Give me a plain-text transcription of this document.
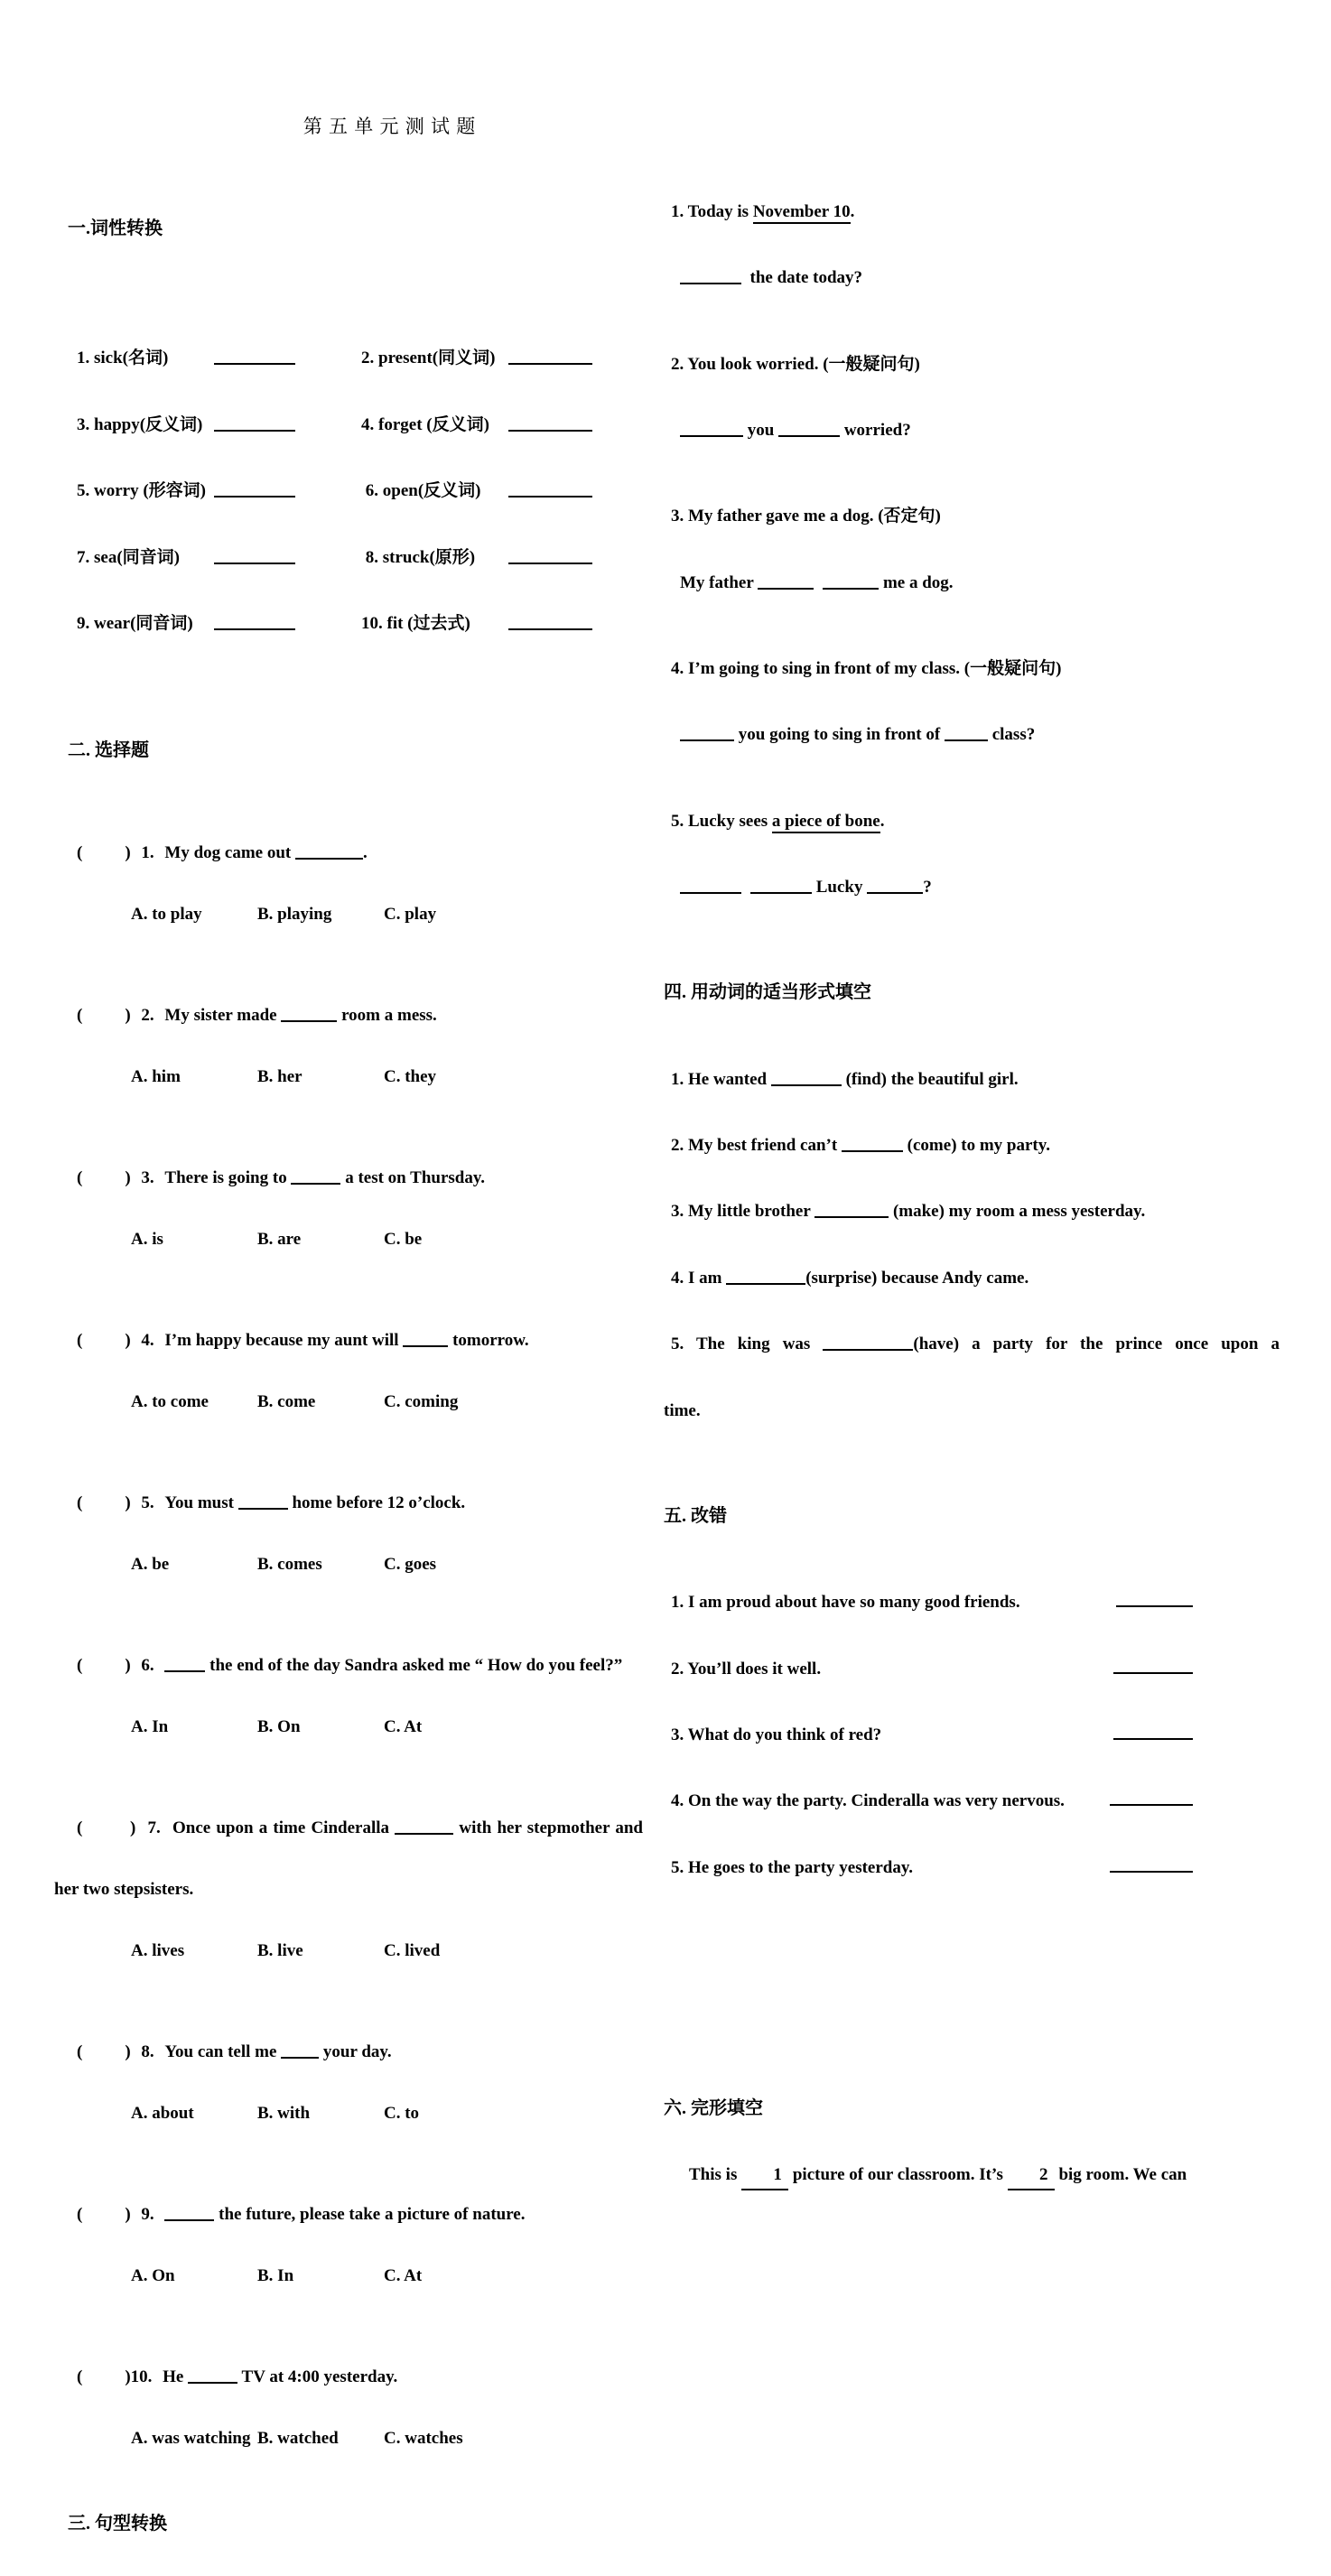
第 五 单 元 测 试 题

一.词性转换

1. sick(名词)	2. present(同义词)

3. happy(反义词)	4. forget (反义词)

5. worry (形容词)	6. open(反义词)

7. sea(同音词)	8. struck(原形)

9. wear(同音词)	10. fit (过去式)

二. 选择题

(    ) 1. My dog came out	.

A. to play	B. playing	C. play

(    ) 2. My sister made	room a mess.

A. him	B. her	C. they

(    ) 3. There is going to	a test on Thursday.

A. is	B. are	C. be

(    ) 4. I’m happy because my aunt will	tomorrow.

A. to come	B. come	C. coming

(    ) 5. You must	home before 12 o’clock.

A. be	B. comes	C. goes

(    ) 6.  the end of the day Sandra asked me “ How do you feel?”

A. In	B. On	C. At

(    ) 7. Once upon a time Cinderalla	with her stepmother and

her two stepsisters.

A. lives	B. live	C. lived

(    ) 8. You can tell me  your day.

A. about	B. with	C. to

(    ) 9.	the future, please take a picture of nature.

A. On	B. In	C. At

(    )10. He	TV at 4:00 yesterday.

A. was watching B. watched	C. watches

三. 句型转换

1. Today is November 10.

the date today?

2. You look worried. (一般疑问句)

you	worried?

3. My father gave me a dog. (否定句)

My father	me a dog.

4. I’m going to sing in front of my class. (一般疑问句)

you going to sing in front of	class?

5. Lucky sees a piece of bone.

Lucky	?

四. 用动词的适当形式填空

1. He wanted	(find) the beautiful girl.

2. My best friend can’t	(come) to my party.

3. My little brother	(make) my room a mess yesterday.

4. I am	(surprise) because Andy came.

5. The king was	(have) a party for the prince once upon a

time.

五. 改错

1. I am proud about have so many good friends.

2. You’ll does it well.

3. What do you think of red?

4. On the way the party. Cinderalla was very nervous.

5. He goes to the party yesterday.

六. 完形填空

This is 1 picture of our classroom. It’s 2 big room. We can
